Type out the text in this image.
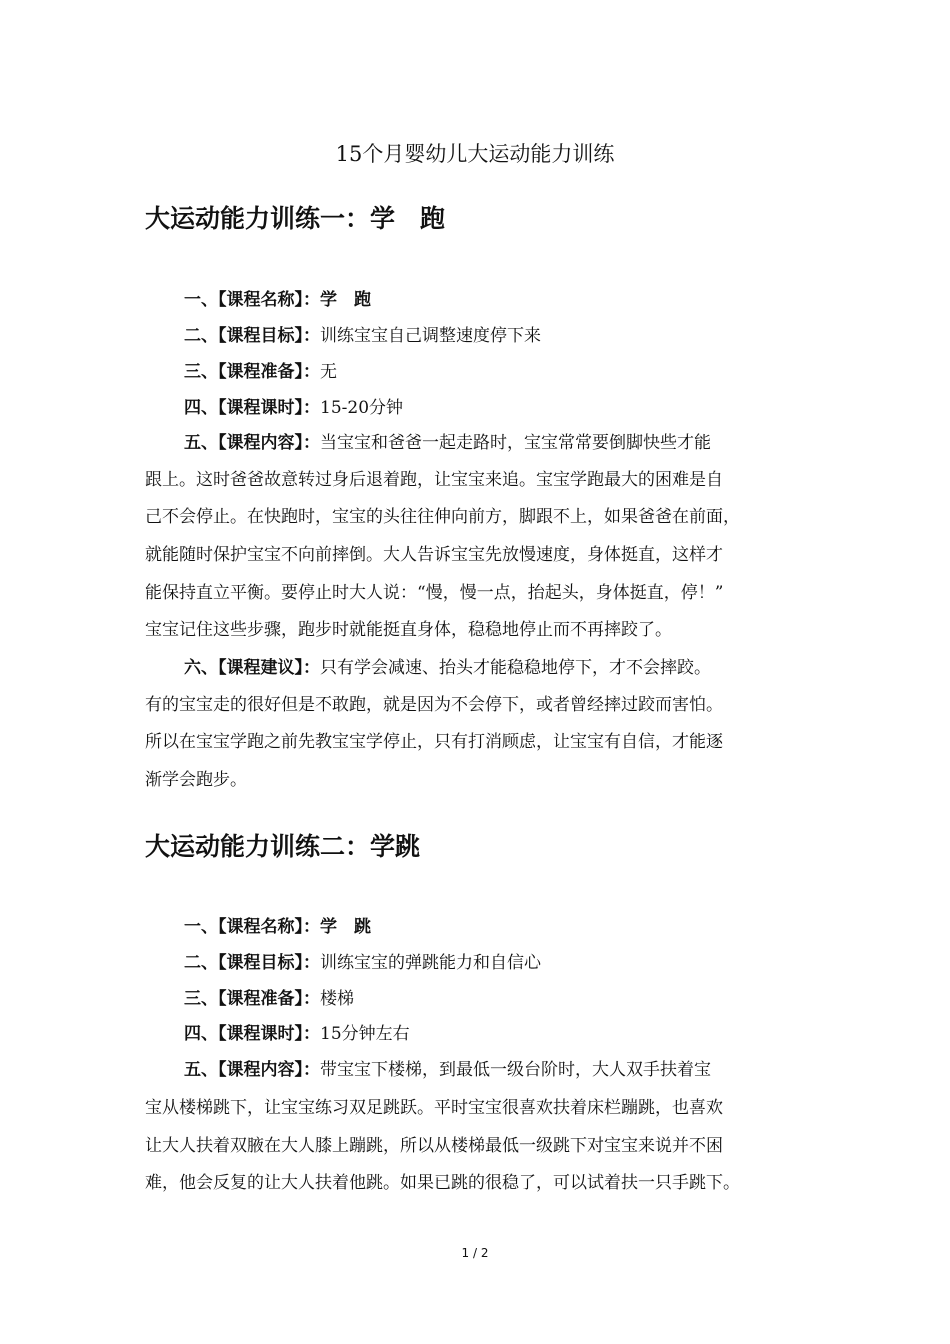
15个月婴幼儿大运动能力训练
大运动能力训练一：学　跑
一、【课程名称】：学　跑
二、【课程目标】：训练宝宝自己调整速度停下来
三、【课程准备】：无
四、【课程课时】：15-20分钟
五、【课程内容】：当宝宝和爸爸一起走路时，宝宝常常要倒脚快些才能
跟上。这时爸爸故意转过身后退着跑，让宝宝来追。宝宝学跑最大的困难是自
己不会停止。在快跑时，宝宝的头往往伸向前方，脚跟不上，如果爸爸在前面，
就能随时保护宝宝不向前摔倒。大人告诉宝宝先放慢速度，身体挺直，这样才
能保持直立平衡。要停止时大人说：“慢，慢一点，抬起头，身体挺直，停！”
宝宝记住这些步骤，跑步时就能挺直身体，稳稳地停止而不再摔跤了。
六、【课程建议】：只有学会减速、抬头才能稳稳地停下，才不会摔跤。
有的宝宝走的很好但是不敢跑，就是因为不会停下，或者曾经摔过跤而害怕。
所以在宝宝学跑之前先教宝宝学停止，只有打消顾虑，让宝宝有自信，才能逐
渐学会跑步。
大运动能力训练二：学跳
一、【课程名称】：学　跳
二、【课程目标】：训练宝宝的弹跳能力和自信心
三、【课程准备】：楼梯
四、【课程课时】：15分钟左右
五、【课程内容】：带宝宝下楼梯，到最低一级台阶时，大人双手扶着宝
宝从楼梯跳下，让宝宝练习双足跳跃。平时宝宝很喜欢扶着床栏蹦跳，也喜欢
让大人扶着双腋在大人膝上蹦跳，所以从楼梯最低一级跳下对宝宝来说并不困
难，他会反复的让大人扶着他跳。如果已跳的很稳了，可以试着扶一只手跳下。
1 / 2
